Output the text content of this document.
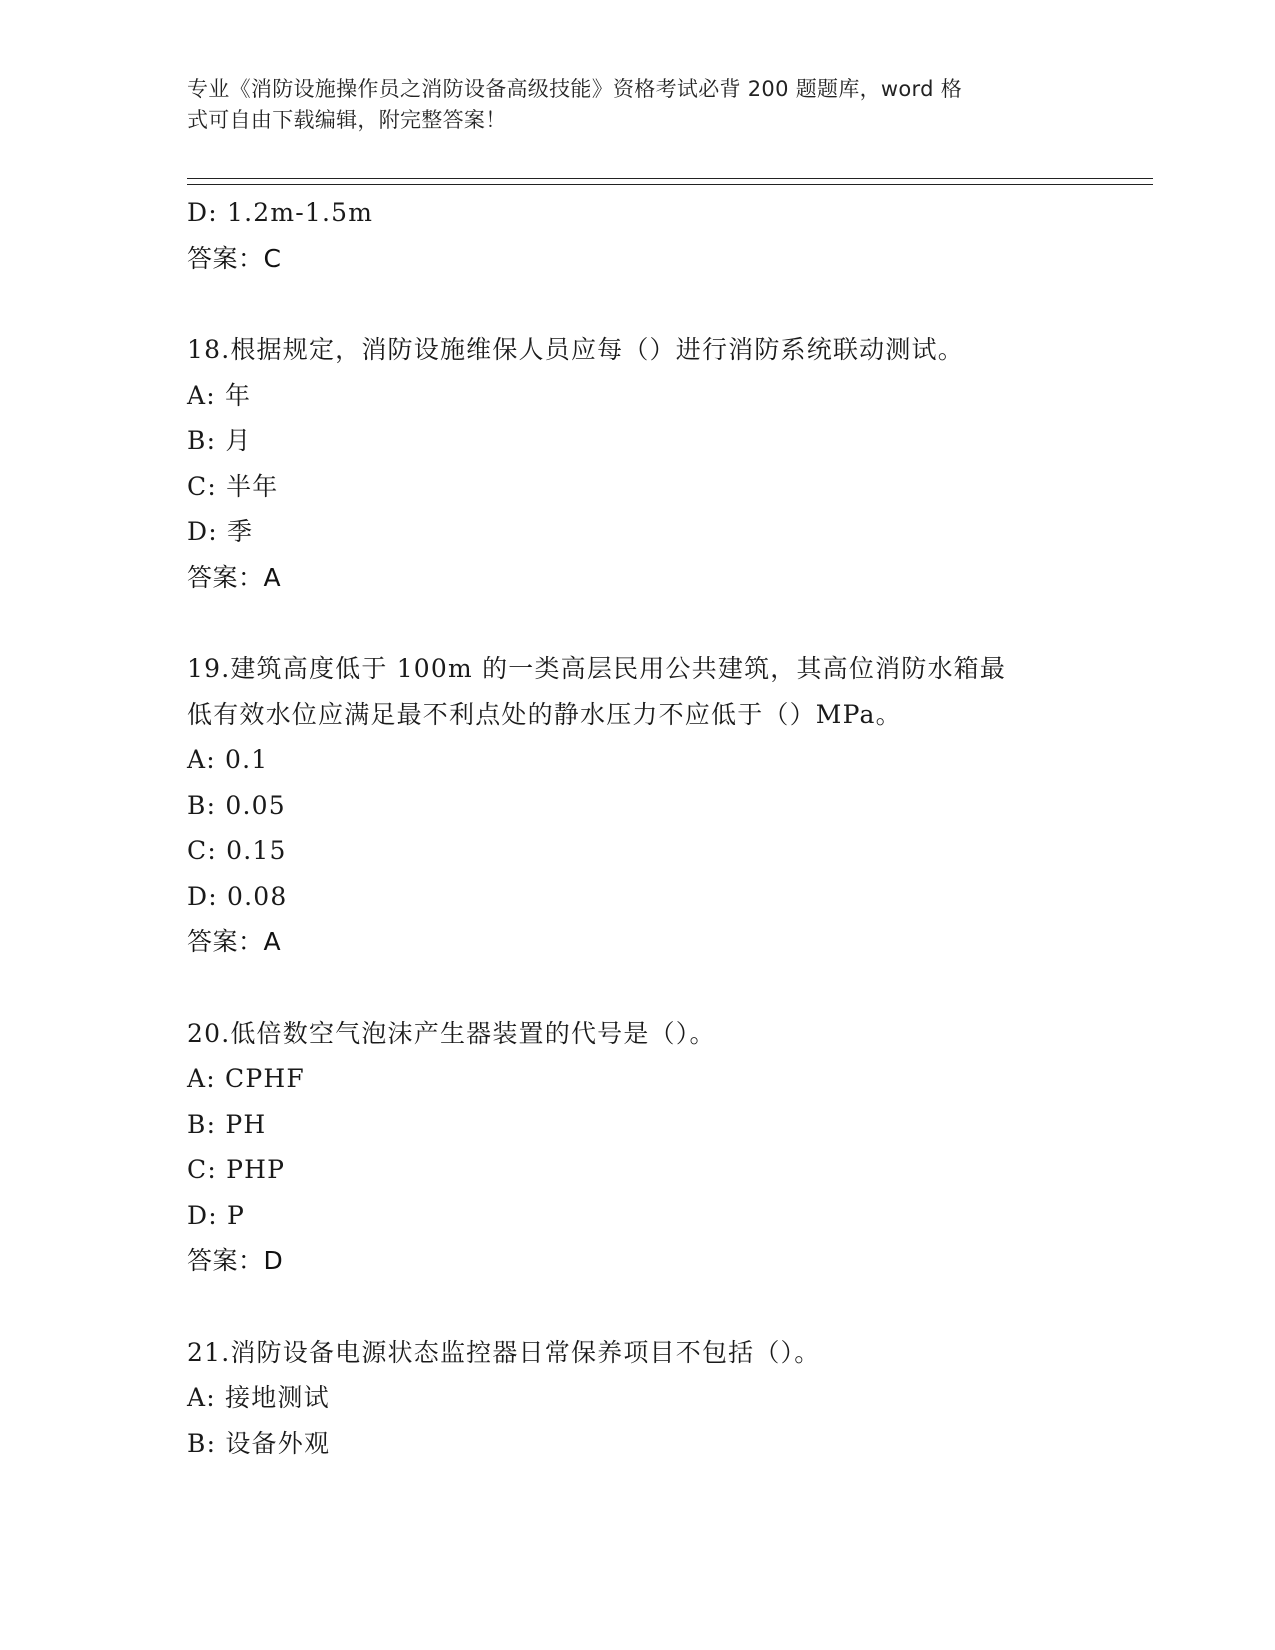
专业《消防设施操作员之消防设备高级技能》资格考试必背 200 题题库，word 格
式可自由下载编辑，附完整答案！
D: 1.2m-1.5m
答案：C
18.根据规定，消防设施维保人员应每（）进行消防系统联动测试。
A: 年
B: 月
C: 半年
D: 季
答案：A
19.建筑高度低于 100m 的一类高层民用公共建筑，其高位消防水箱最
低有效水位应满足最不利点处的静水压力不应低于（）MPa。
A: 0.1
B: 0.05
C: 0.15
D: 0.08
答案：A
20.低倍数空气泡沫产生器装置的代号是（）。
A: CPHF
B: PH
C: PHP
D: P
答案：D
21.消防设备电源状态监控器日常保养项目不包括（）。
A: 接地测试
B: 设备外观
